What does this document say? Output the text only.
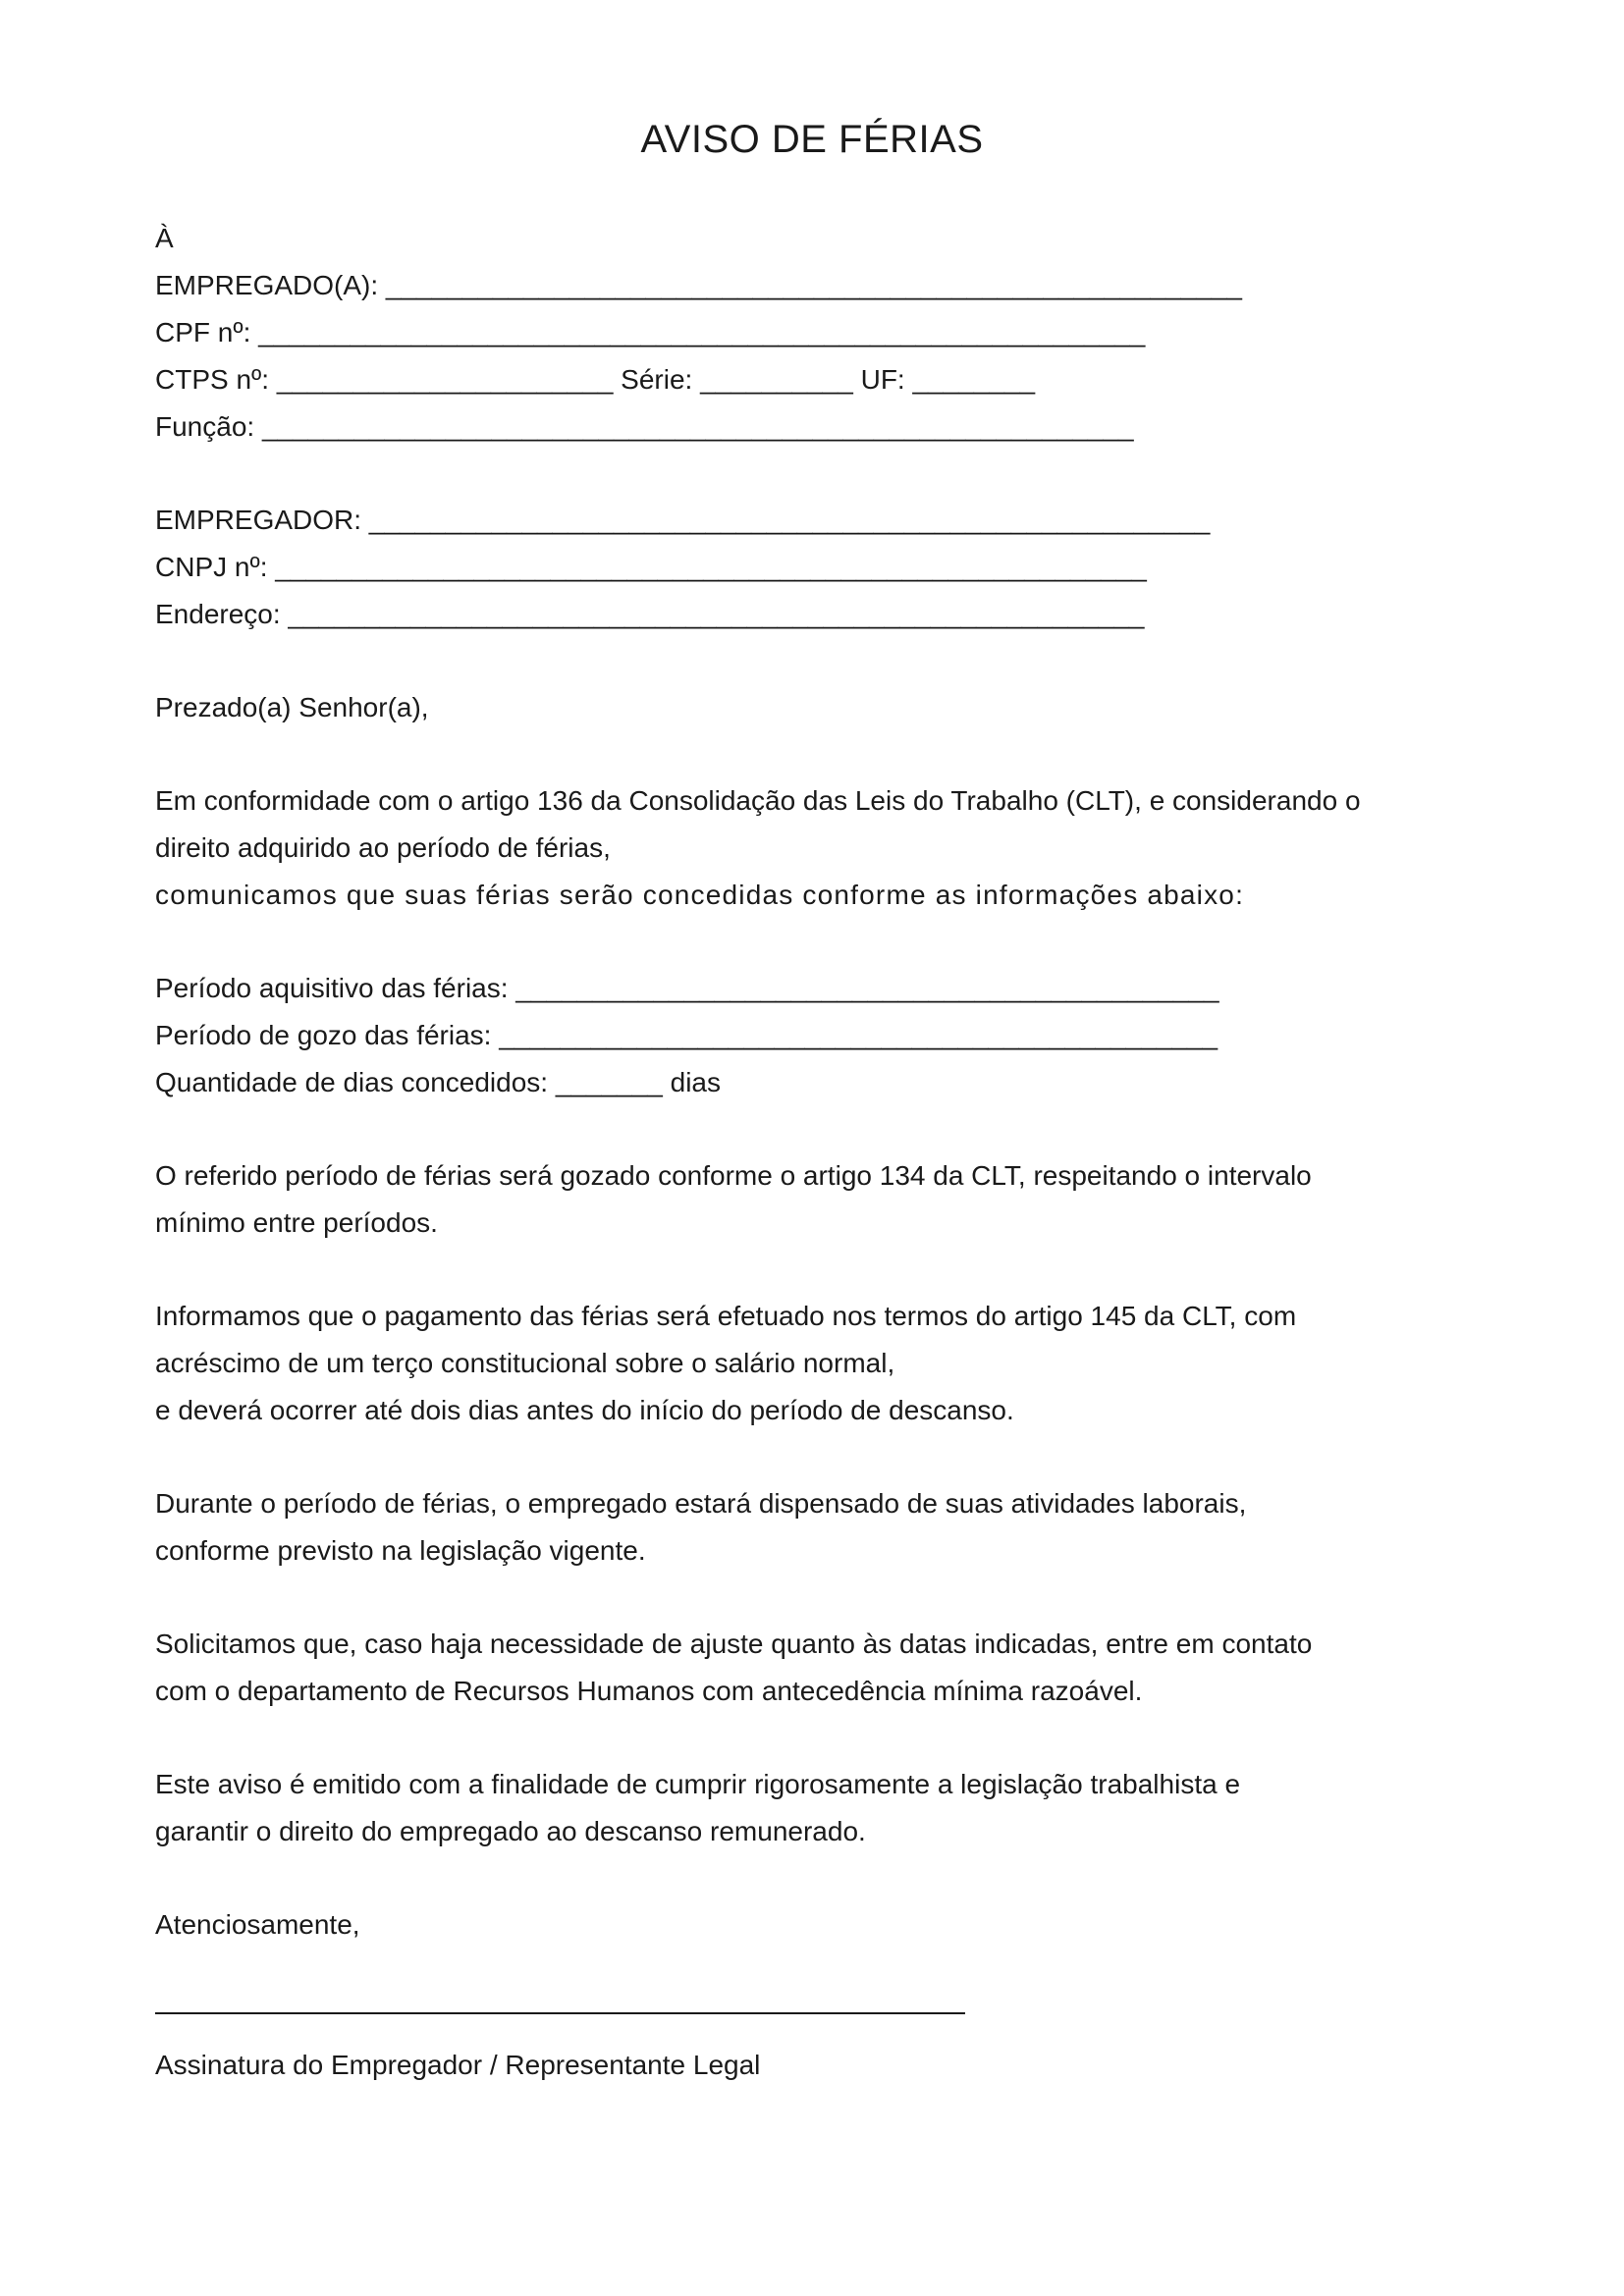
AVISO DE FÉRIAS
À
EMPREGADO(A): ________________________________________________________
CPF nº: __________________________________________________________
CTPS nº: ______________________ Série: __________ UF: ________
Função: _________________________________________________________
EMPREGADOR: _______________________________________________________
CNPJ nº: _________________________________________________________
Endereço: ________________________________________________________
Prezado(a) Senhor(a),
Em conformidade com o artigo 136 da Consolidação das Leis do Trabalho (CLT), e considerando o
direito adquirido ao período de férias,
comunicamos que suas férias serão concedidas conforme as informações abaixo:
Período aquisitivo das férias: ______________________________________________
Período de gozo das férias: _______________________________________________
Quantidade de dias concedidos: _______ dias
O referido período de férias será gozado conforme o artigo 134 da CLT, respeitando o intervalo
mínimo entre períodos.
Informamos que o pagamento das férias será efetuado nos termos do artigo 145 da CLT, com
acréscimo de um terço constitucional sobre o salário normal,
e deverá ocorrer até dois dias antes do início do período de descanso.
Durante o período de férias, o empregado estará dispensado de suas atividades laborais,
conforme previsto na legislação vigente.
Solicitamos que, caso haja necessidade de ajuste quanto às datas indicadas, entre em contato
com o departamento de Recursos Humanos com antecedência mínima razoável.
Este aviso é emitido com a finalidade de cumprir rigorosamente a legislação trabalhista e
garantir o direito do empregado ao descanso remunerado.
Atenciosamente,
Assinatura do Empregador / Representante Legal
